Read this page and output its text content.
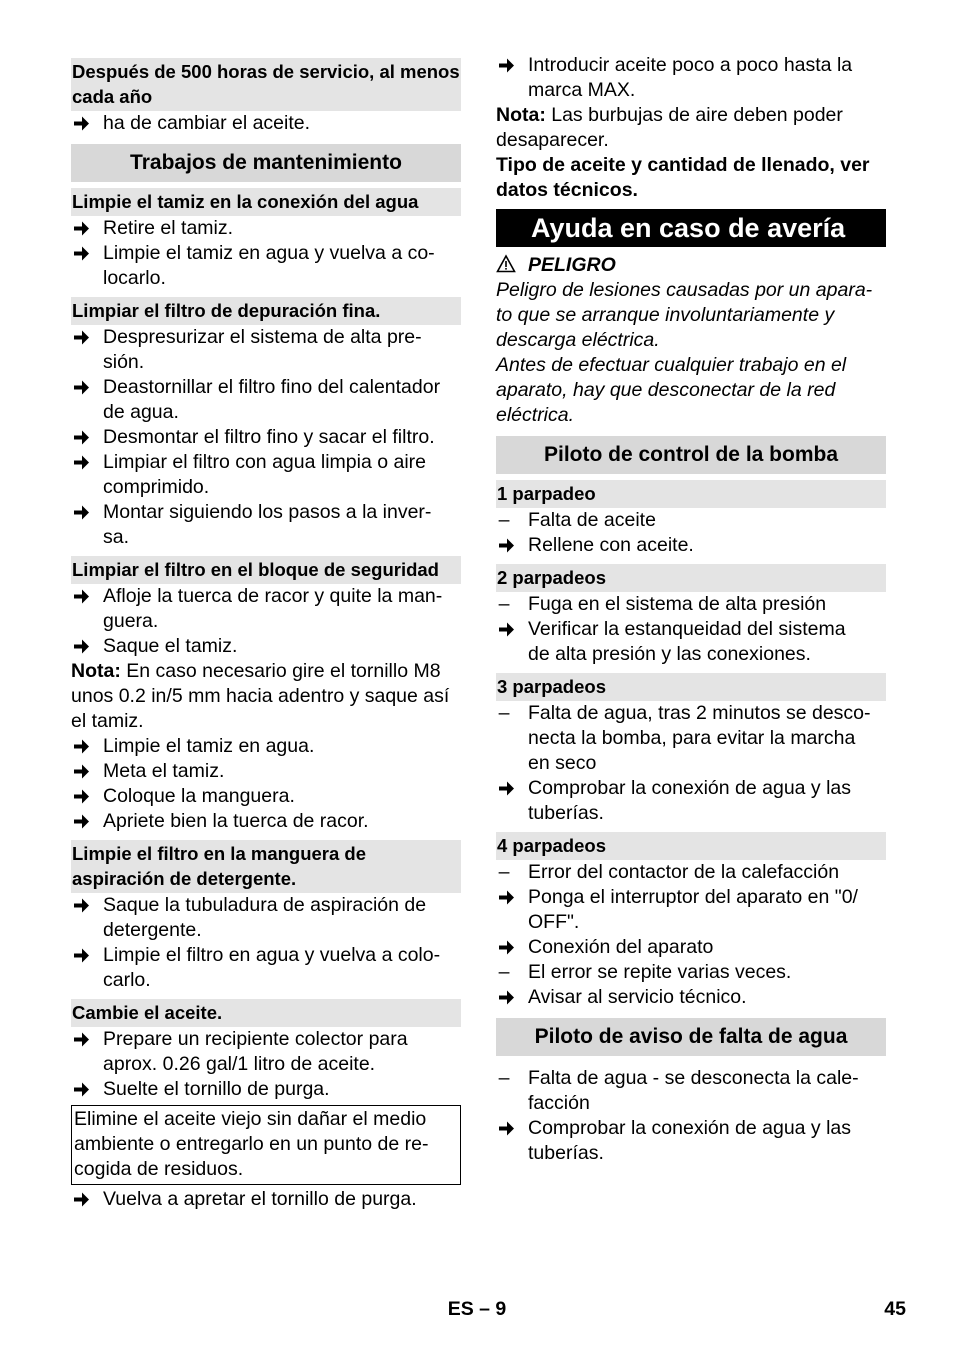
Después de 500 horas de servicio, al menos cada año
ha de cambiar el aceite.
Trabajos de mantenimiento
Limpie el tamiz en la conexión del agua
Retire el tamiz.
Limpie el tamiz en agua y vuelva a co-
locarlo.
Limpiar el filtro de depuración fina.
Despresurizar el sistema de alta pre-
sión.
Deastornillar el filtro fino del calentador
de agua.
Desmontar el filtro fino y sacar el filtro.
Limpiar el filtro con agua limpia o aire
comprimido.
Montar siguiendo los pasos a la inver-
sa.
Limpiar el filtro en el bloque de seguridad
Afloje la tuerca de racor y quite la man-
guera.
Saque el tamiz.

Nota: En caso necesario gire el tornillo M8 unos 0.2 in/5 mm hacia adentro y saque así el tamiz.

Limpie el tamiz en agua.
Meta el tamiz.
Coloque la manguera.
Apriete bien la tuerca de racor.
Limpie el filtro en la manguera de aspiración de detergente.
Saque la tubuladura de aspiración de
detergente.
Limpie el filtro en agua y vuelva a colo-
carlo.
Cambie el aceite.
Prepare un recipiente colector para
aprox. 0.26 gal/1 litro de aceite.
Suelte el tornillo de purga.
Elimine el aceite viejo sin dañar el medio ambiente o entregarlo en un punto de re-cogida de residuos.
Vuelva a apretar el tornillo de purga.
Introducir aceite poco a poco hasta la
marca MAX.

Nota: Las burbujas de aire deben poder desaparecer.

Tipo de aceite y cantidad de llenado, ver datos técnicos.

Ayuda en caso de avería

PELIGRO

Peligro de lesiones causadas por un apara-to que se arranque involuntariamente y descarga eléctrica.

Antes de efectuar cualquier trabajo en el aparato, hay que desconectar de la red eléctrica.

Piloto de control de la bomba
1 parpadeo
– Falta de aceite
Rellene con aceite.
2 parpadeos
– Fuga en el sistema de alta presión
Verificar la estanqueidad del sistema
de alta presión y las conexiones.
3 parpadeos
– Falta de agua, tras 2 minutos se desco-
necta la bomba, para evitar la marcha
en seco
Comprobar la conexión de agua y las
tuberías.
4 parpadeos
– Error del contactor de la calefacción
Ponga el interruptor del aparato en "0/
OFF".
Conexión del aparato
– El error se repite varias veces.
Avisar al servicio técnico.
Piloto de aviso de falta de agua
– Falta de agua - se desconecta la cale-
facción
Comprobar la conexión de agua y las
tuberías.
ES – 9	45
